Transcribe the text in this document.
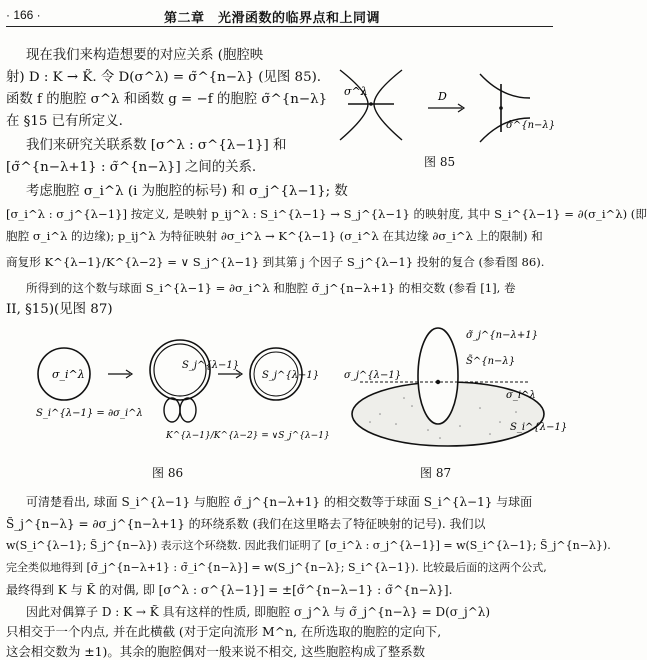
· 166 ·	第二章　光滑函数的临界点和上同调
σ^λ	D
σ̃^{n−λ}
图 85
现在我们来构造想要的对应关系 (胞腔映
射) D : K → K̃. 令 D(σ^λ) = σ̃^{n−λ} (见图 85).
函数 f 的胞腔 σ^λ 和函数 g = −f 的胞腔 σ̃^{n−λ}
在 §15 已有所定义.
我们来研究关联系数 [σ^λ : σ^{λ−1}] 和
[σ̃^{n−λ+1} : σ̃^{n−λ}] 之间的关系.
考虑胞腔 σ_i^λ (i 为胞腔的标号) 和 σ_j^{λ−1}; 数
[σ_i^λ : σ_j^{λ−1}] 按定义, 是映射 p_ij^λ : S_i^{λ−1} → S_j^{λ−1} 的映射度, 其中 S_i^{λ−1} = ∂(σ_i^λ) (即
胞腔 σ_i^λ 的边缘); p_ij^λ 为特征映射 ∂σ_i^λ → K^{λ−1} (σ_i^λ 在其边缘 ∂σ_i^λ 上的限制) 和
商复形 K^{λ−1}/K^{λ−2} = ∨ S_j^{λ−1} 到其第 j 个因子 S_j^{λ−1} 投射的复合 (参看图 86).
所得到的这个数与球面 S_i^{λ−1} = ∂σ_i^λ 和胞腔 σ̃_j^{n−λ+1} 的相交数 (参看 [1], 卷
II, §15)(见图 87)
σ_i^λ
S_i^{λ−1} = ∂σ_i^λ
S_j^{λ−1}
K^{λ−1}/K^{λ−2} = ∨S_j^{λ−1}
S_j^{λ−1}
图 86
σ̃_j^{n−λ+1}
S̃^{n−λ}
σ_j^{λ−1}
σ_i^λ
S_i^{λ−1}
图 87
可清楚看出, 球面 S_i^{λ−1} 与胞腔 σ̃_j^{n−λ+1} 的相交数等于球面 S_i^{λ−1} 与球面
S̃_j^{n−λ} = ∂σ_j^{n−λ+1} 的环绕系数 (我们在这里略去了特征映射的记号). 我们以
w(S_i^{λ−1}; S̃_j^{n−λ}) 表示这个环绕数. 因此我们证明了 [σ_i^λ : σ_j^{λ−1}] = w(S_i^{λ−1}; S̃_j^{n−λ}).
完全类似地得到 [σ̃_j^{n−λ+1} : σ̃_i^{n−λ}] = w(S_j^{n−λ}; S_i^{λ−1}). 比较最后面的这两个公式,
最终得到 K 与 K̃ 的对偶, 即 [σ^λ : σ^{λ−1}] = ±[σ̃^{n−λ−1} : σ̃^{n−λ}].
因此对偶算子 D : K → K̃ 具有这样的性质, 即胞腔 σ_j^λ 与 σ̃_j^{n−λ} = D(σ_j^λ)
只相交于一个内点, 并在此横截 (对于定向流形 M^n, 在所选取的胞腔的定向下,
这会相交数为 ±1)。其余的胞腔偶对一般来说不相交, 这些胞腔构成了整系数
